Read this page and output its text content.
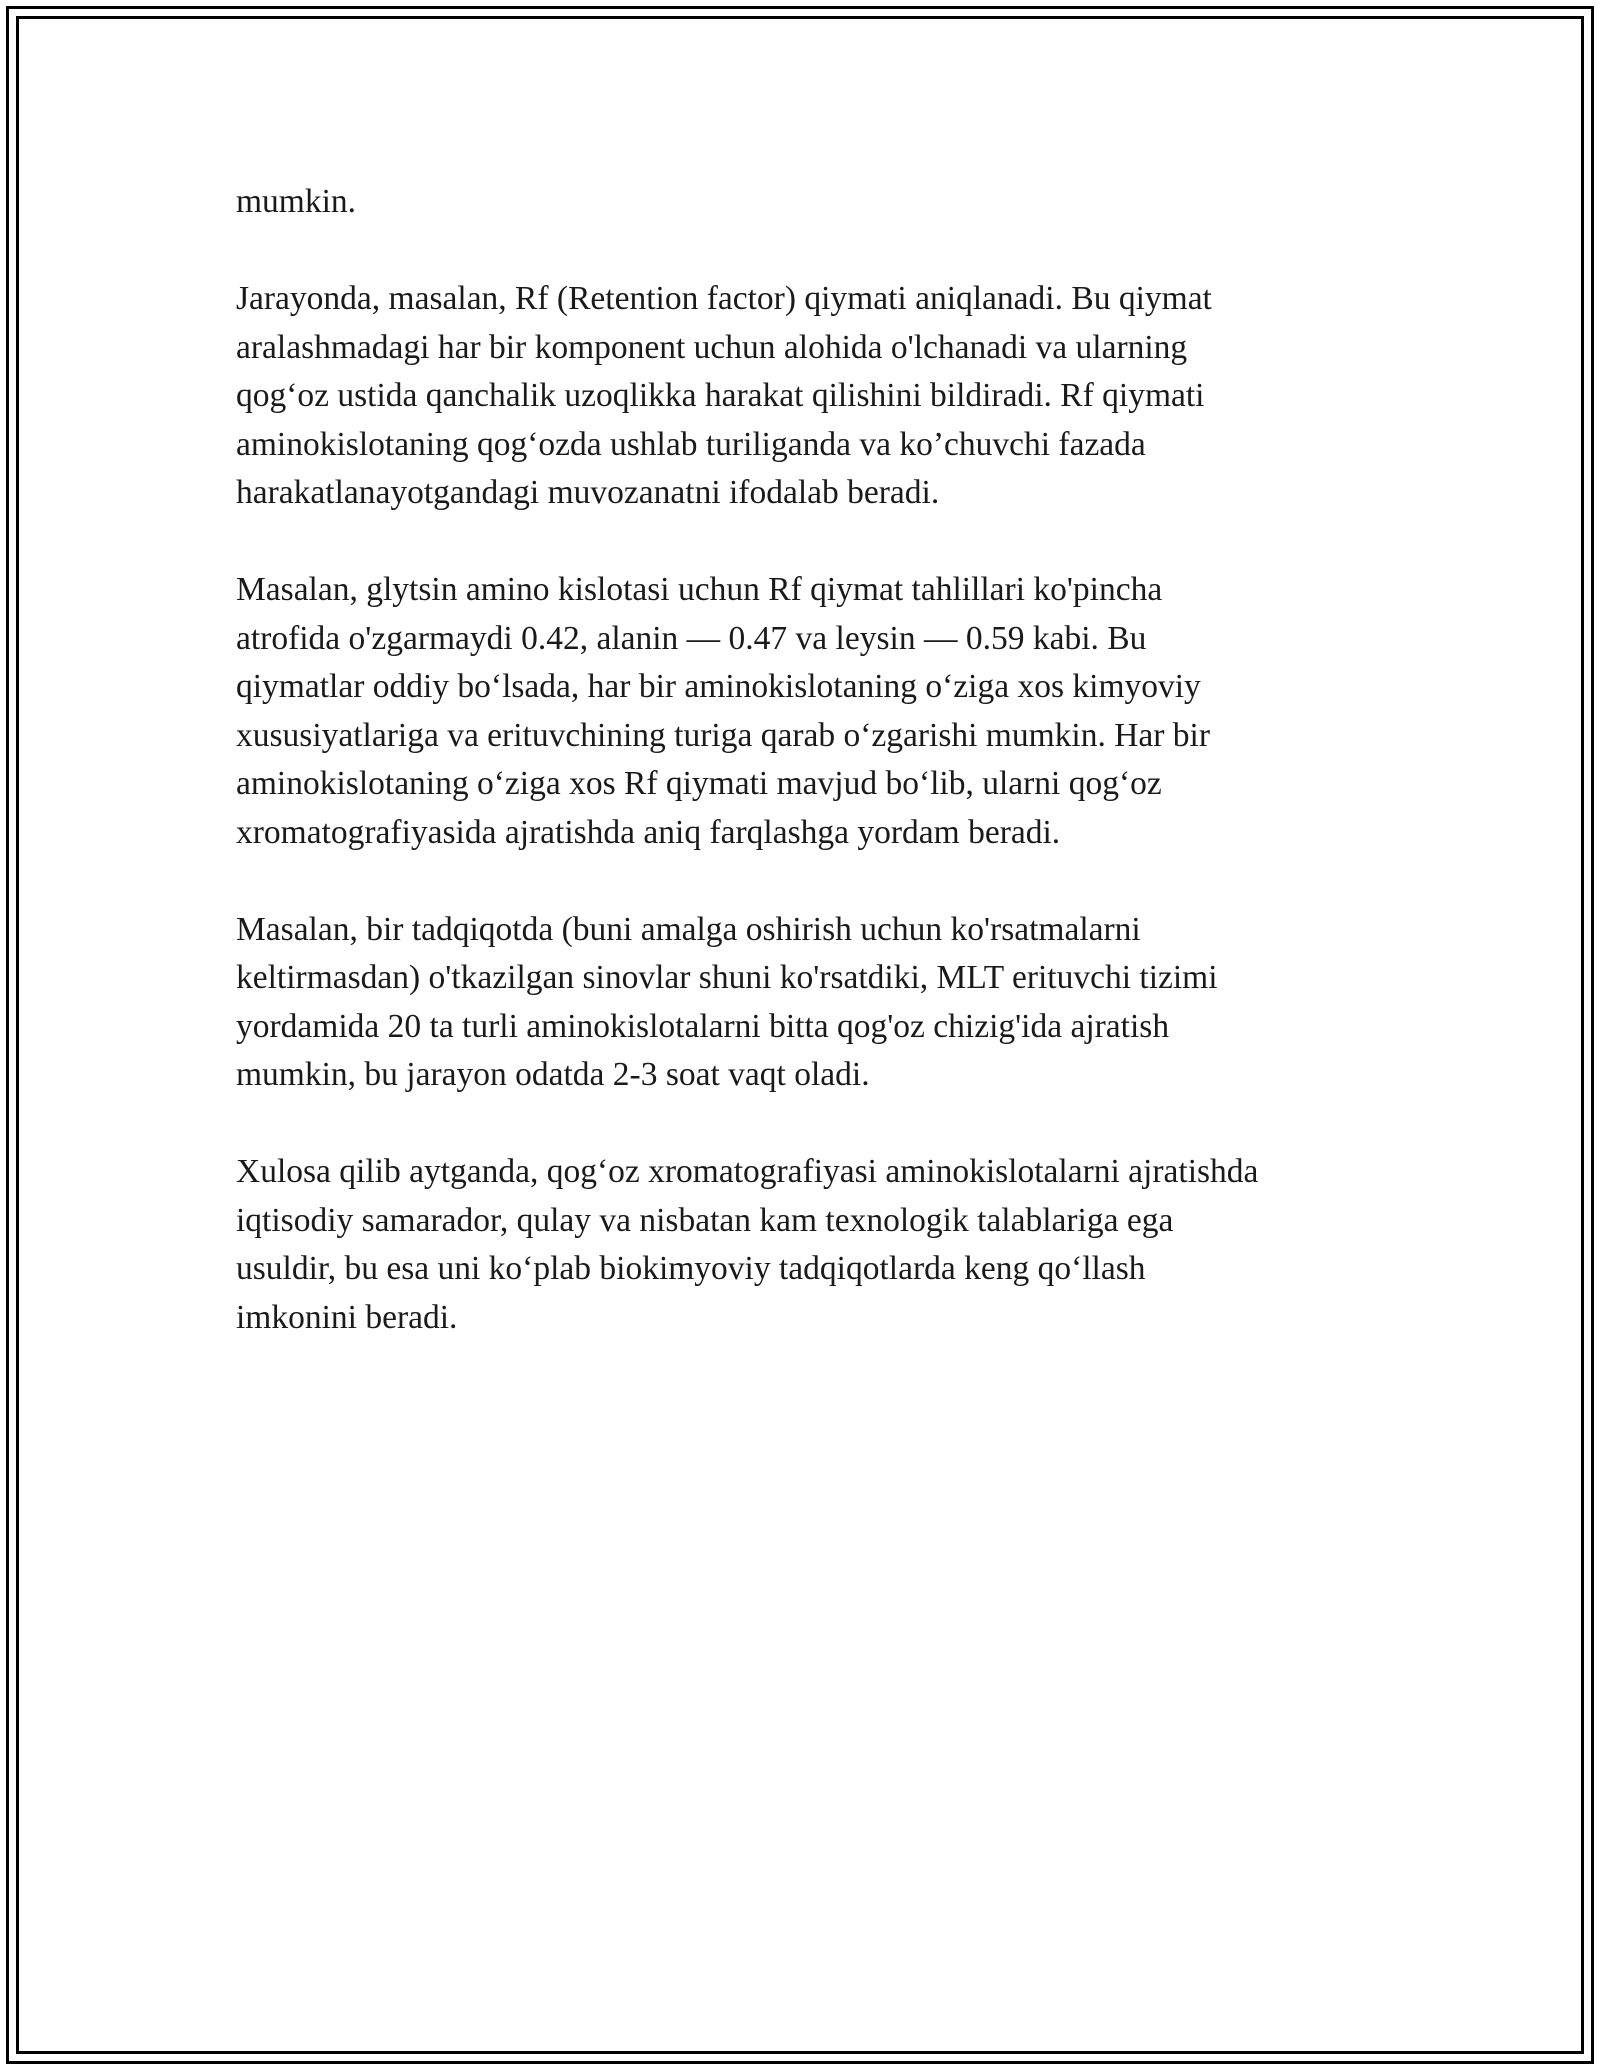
mumkin.

Jarayonda, masalan, Rf (Retention factor) qiymati aniqlanadi. Bu qiymat
aralashmadagi har bir komponent uchun alohida o'lchanadi va ularning
qog‘oz ustida qanchalik uzoqlikka harakat qilishini bildiradi. Rf qiymati
aminokislotaning qog‘ozda ushlab turiliganda va ko’chuvchi fazada
harakatlanayotgandagi muvozanatni ifodalab beradi.

Masalan, glytsin amino kislotasi uchun Rf qiymat tahlillari ko'pincha
atrofida o'zgarmaydi 0.42, alanin — 0.47 va leysin — 0.59 kabi. Bu
qiymatlar oddiy bo‘lsada, har bir aminokislotaning o‘ziga xos kimyoviy
xususiyatlariga va erituvchining turiga qarab o‘zgarishi mumkin. Har bir
aminokislotaning o‘ziga xos Rf qiymati mavjud bo‘lib, ularni qog‘oz
xromatografiyasida ajratishda aniq farqlashga yordam beradi.

Masalan, bir tadqiqotda (buni amalga oshirish uchun ko'rsatmalarni
keltirmasdan) o'tkazilgan sinovlar shuni ko'rsatdiki, MLT erituvchi tizimi
yordamida 20 ta turli aminokislotalarni bitta qog'oz chizig'ida ajratish
mumkin, bu jarayon odatda 2-3 soat vaqt oladi.

Xulosa qilib aytganda, qog‘oz xromatografiyasi aminokislotalarni ajratishda
iqtisodiy samarador, qulay va nisbatan kam texnologik talablariga ega
usuldir, bu esa uni ko‘plab biokimyoviy tadqiqotlarda keng qo‘llash
imkonini beradi.
